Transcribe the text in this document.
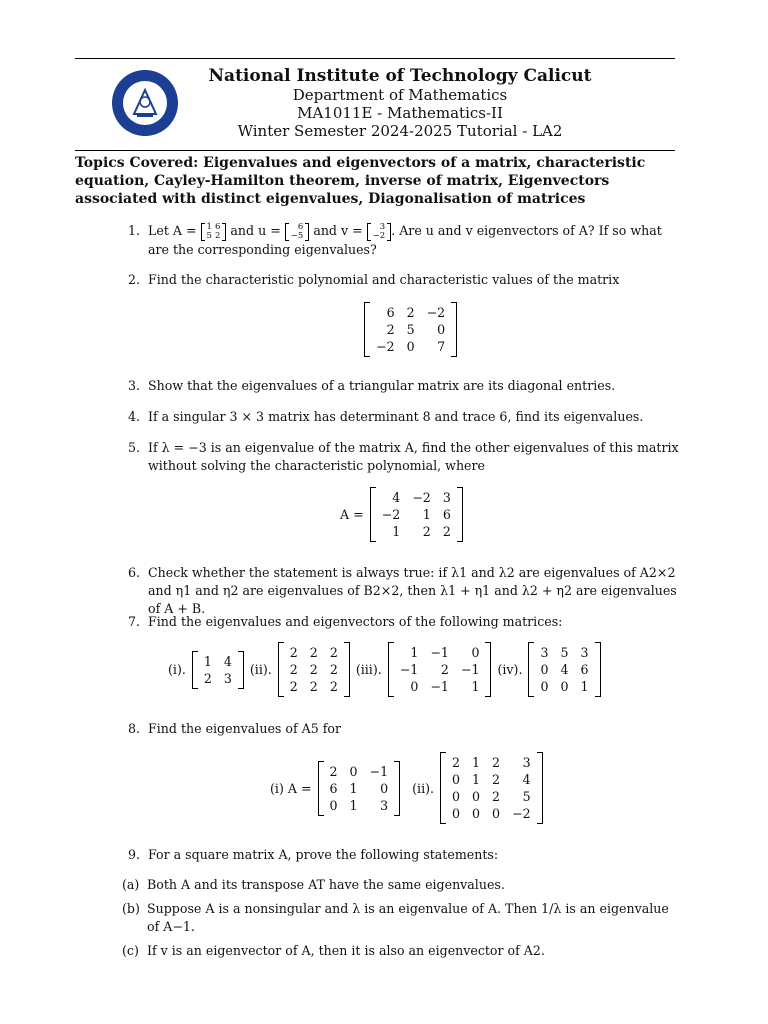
National Institute of Technology Calicut
Department of Mathematics
MA1011E - Mathematics-II
Winter Semester 2024-2025 Tutorial - LA2
Topics Covered: Eigenvalues and eigenvectors of a matrix, characteristic equation, Cayley-Hamilton theorem, inverse of matrix, Eigenvectors associated with distinct eigenvalues, Diagonalisation of matrices
1. Let A = 1 6
5 2 and u =	6
−5 and v =	3
−2 . Are u and v eigenvectors of A? If so what are the corresponding eigenvalues?
2. Find the characteristic polynomial and characteristic values of the matrix
6 2 −2
2 5	0
−2 0	7
3. Show that the eigenvalues of a triangular matrix are its diagonal entries.
4. If a singular 3 × 3 matrix has determinant 8 and trace 6, find its eigenvalues.
5. If λ = −3 is an eigenvalue of the matrix A, find the other eigenvalues of this matrix without solving the characteristic polynomial, where
A =
4 −2 3
−2	1 6
1	2 2
6. Check whether the statement is always true: if λ1 and λ2 are eigenvalues of A2×2 and η1 and η2 are eigenvalues of B2×2, then λ1 + η1 and λ2 + η2 are eigenvalues of A + B.
7. Find the eigenvalues and eigenvectors of the following matrices:
(i).
1 4
2 3
(ii).
2 2 2
2 2 2
2 2 2
(iii).
1 −1	0
−1	2 −1
0 −1	1
(iv).
3 5 3
0 4 6
0 0 1
8. Find the eigenvalues of A5 for
(i) A =
2 0 −1
6 1	0
0 1	3
(ii).
2 1 2	3
0 1 2	4
0 0 2	5
0 0 0 −2
9. For a square matrix A, prove the following statements:
(a) Both A and its transpose AT have the same eigenvalues.
(b) Suppose A is a nonsingular and λ is an eigenvalue of A. Then 1/λ is an eigenvalue of A−1.
(c) If v is an eigenvector of A, then it is also an eigenvector of A2.
